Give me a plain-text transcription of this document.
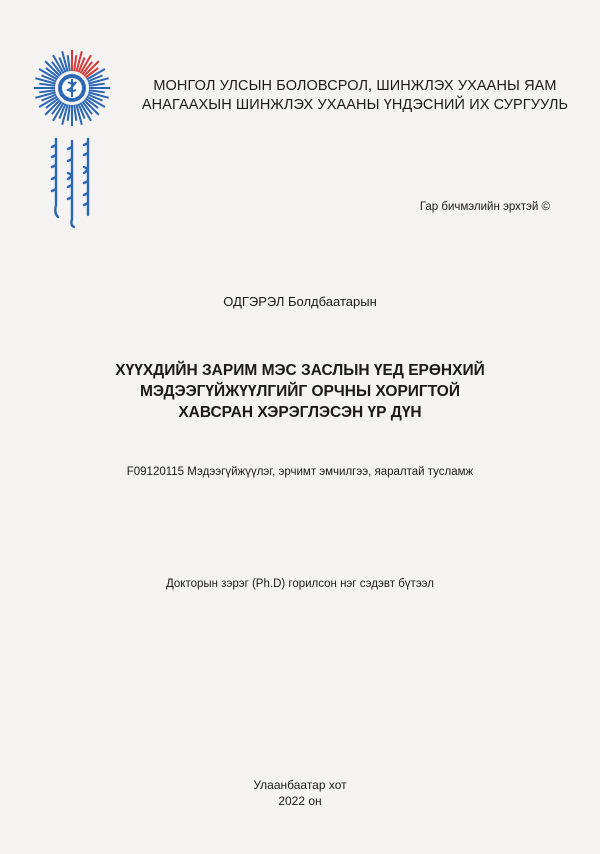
МОНГОЛ УЛСЫН БОЛОВСРОЛ, ШИНЖЛЭХ УХААНЫ ЯАМ
АНАГААХЫН ШИНЖЛЭХ УХААНЫ ҮНДЭСНИЙ ИХ СУРГУУЛЬ
Гар бичмэлийн эрхтэй ©
ОДГЭРЭЛ Болдбаатарын
ХҮҮХДИЙН ЗАРИМ МЭС ЗАСЛЫН ҮЕД ЕРӨНХИЙ
МЭДЭЭГҮЙЖҮҮЛГИЙГ ОРЧНЫ ХОРИГТОЙ
ХАВСРАН ХЭРЭГЛЭСЭН ҮР ДҮН
F09120115 Мэдээгүйжүүлэг, эрчимт эмчилгээ, яаралтай тусламж
Докторын зэрэг (Ph.D) горилсон нэг сэдэвт бүтээл
Улаанбаатар хот
2022 он
